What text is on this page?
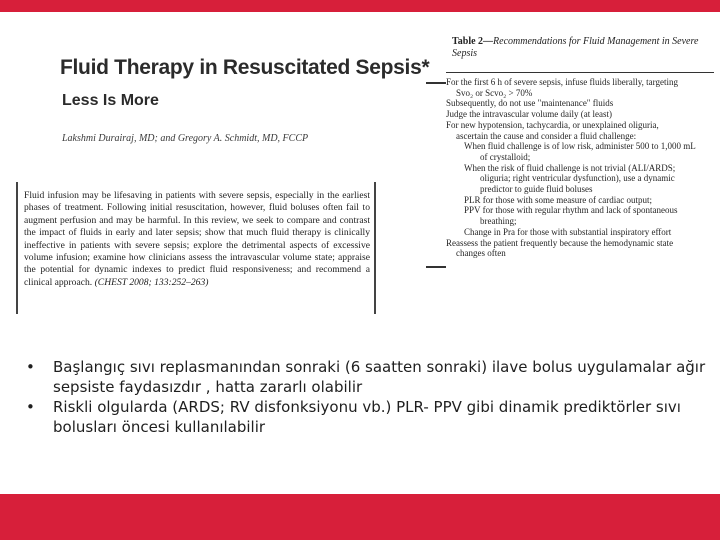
Fluid Therapy in Resuscitated Sepsis*
Less Is More
Lakshmi Durairaj, MD; and Gregory A. Schmidt, MD, FCCP
Fluid infusion may be lifesaving in patients with severe sepsis, especially in the earliest phases of treatment. Following initial resuscitation, however, fluid boluses often fail to augment perfusion and may be harmful. In this review, we seek to compare and contrast the impact of fluids in early and later sepsis; show that much fluid therapy is clinically ineffective in patients with severe sepsis; explore the detrimental aspects of excessive volume infusion; examine how clinicians assess the intravascular volume state; appraise the potential for dynamic indexes to predict fluid responsiveness; and recommend a clinical approach. (CHEST 2008; 133:252–263)
Table 2—Recommendations for Fluid Management in Severe Sepsis
For the first 6 h of severe sepsis, infuse fluids liberally, targeting
Svo₂ or Scvo₂ > 70%
Subsequently, do not use "maintenance" fluids
Judge the intravascular volume daily (at least)
For new hypotension, tachycardia, or unexplained oliguria,
ascertain the cause and consider a fluid challenge:
When fluid challenge is of low risk, administer 500 to 1,000 mL
of crystalloid;
When the risk of fluid challenge is not trivial (ALI/ARDS;
oliguria; right ventricular dysfunction), use a dynamic
predictor to guide fluid boluses
PLR for those with some measure of cardiac output;
PPV for those with regular rhythm and lack of spontaneous
breathing;
Change in Pra for those with substantial inspiratory effort
Reassess the patient frequently because the hemodynamic state
changes often
• Başlangıç sıvı replasmanından sonraki (6 saatten sonraki) ilave bolus uygulamalar ağır sepsiste faydasızdır , hatta zararlı olabilir
• Riskli olgularda (ARDS; RV disfonksiyonu vb.) PLR- PPV gibi dinamik prediktörler sıvı bolusları öncesi kullanılabilir
